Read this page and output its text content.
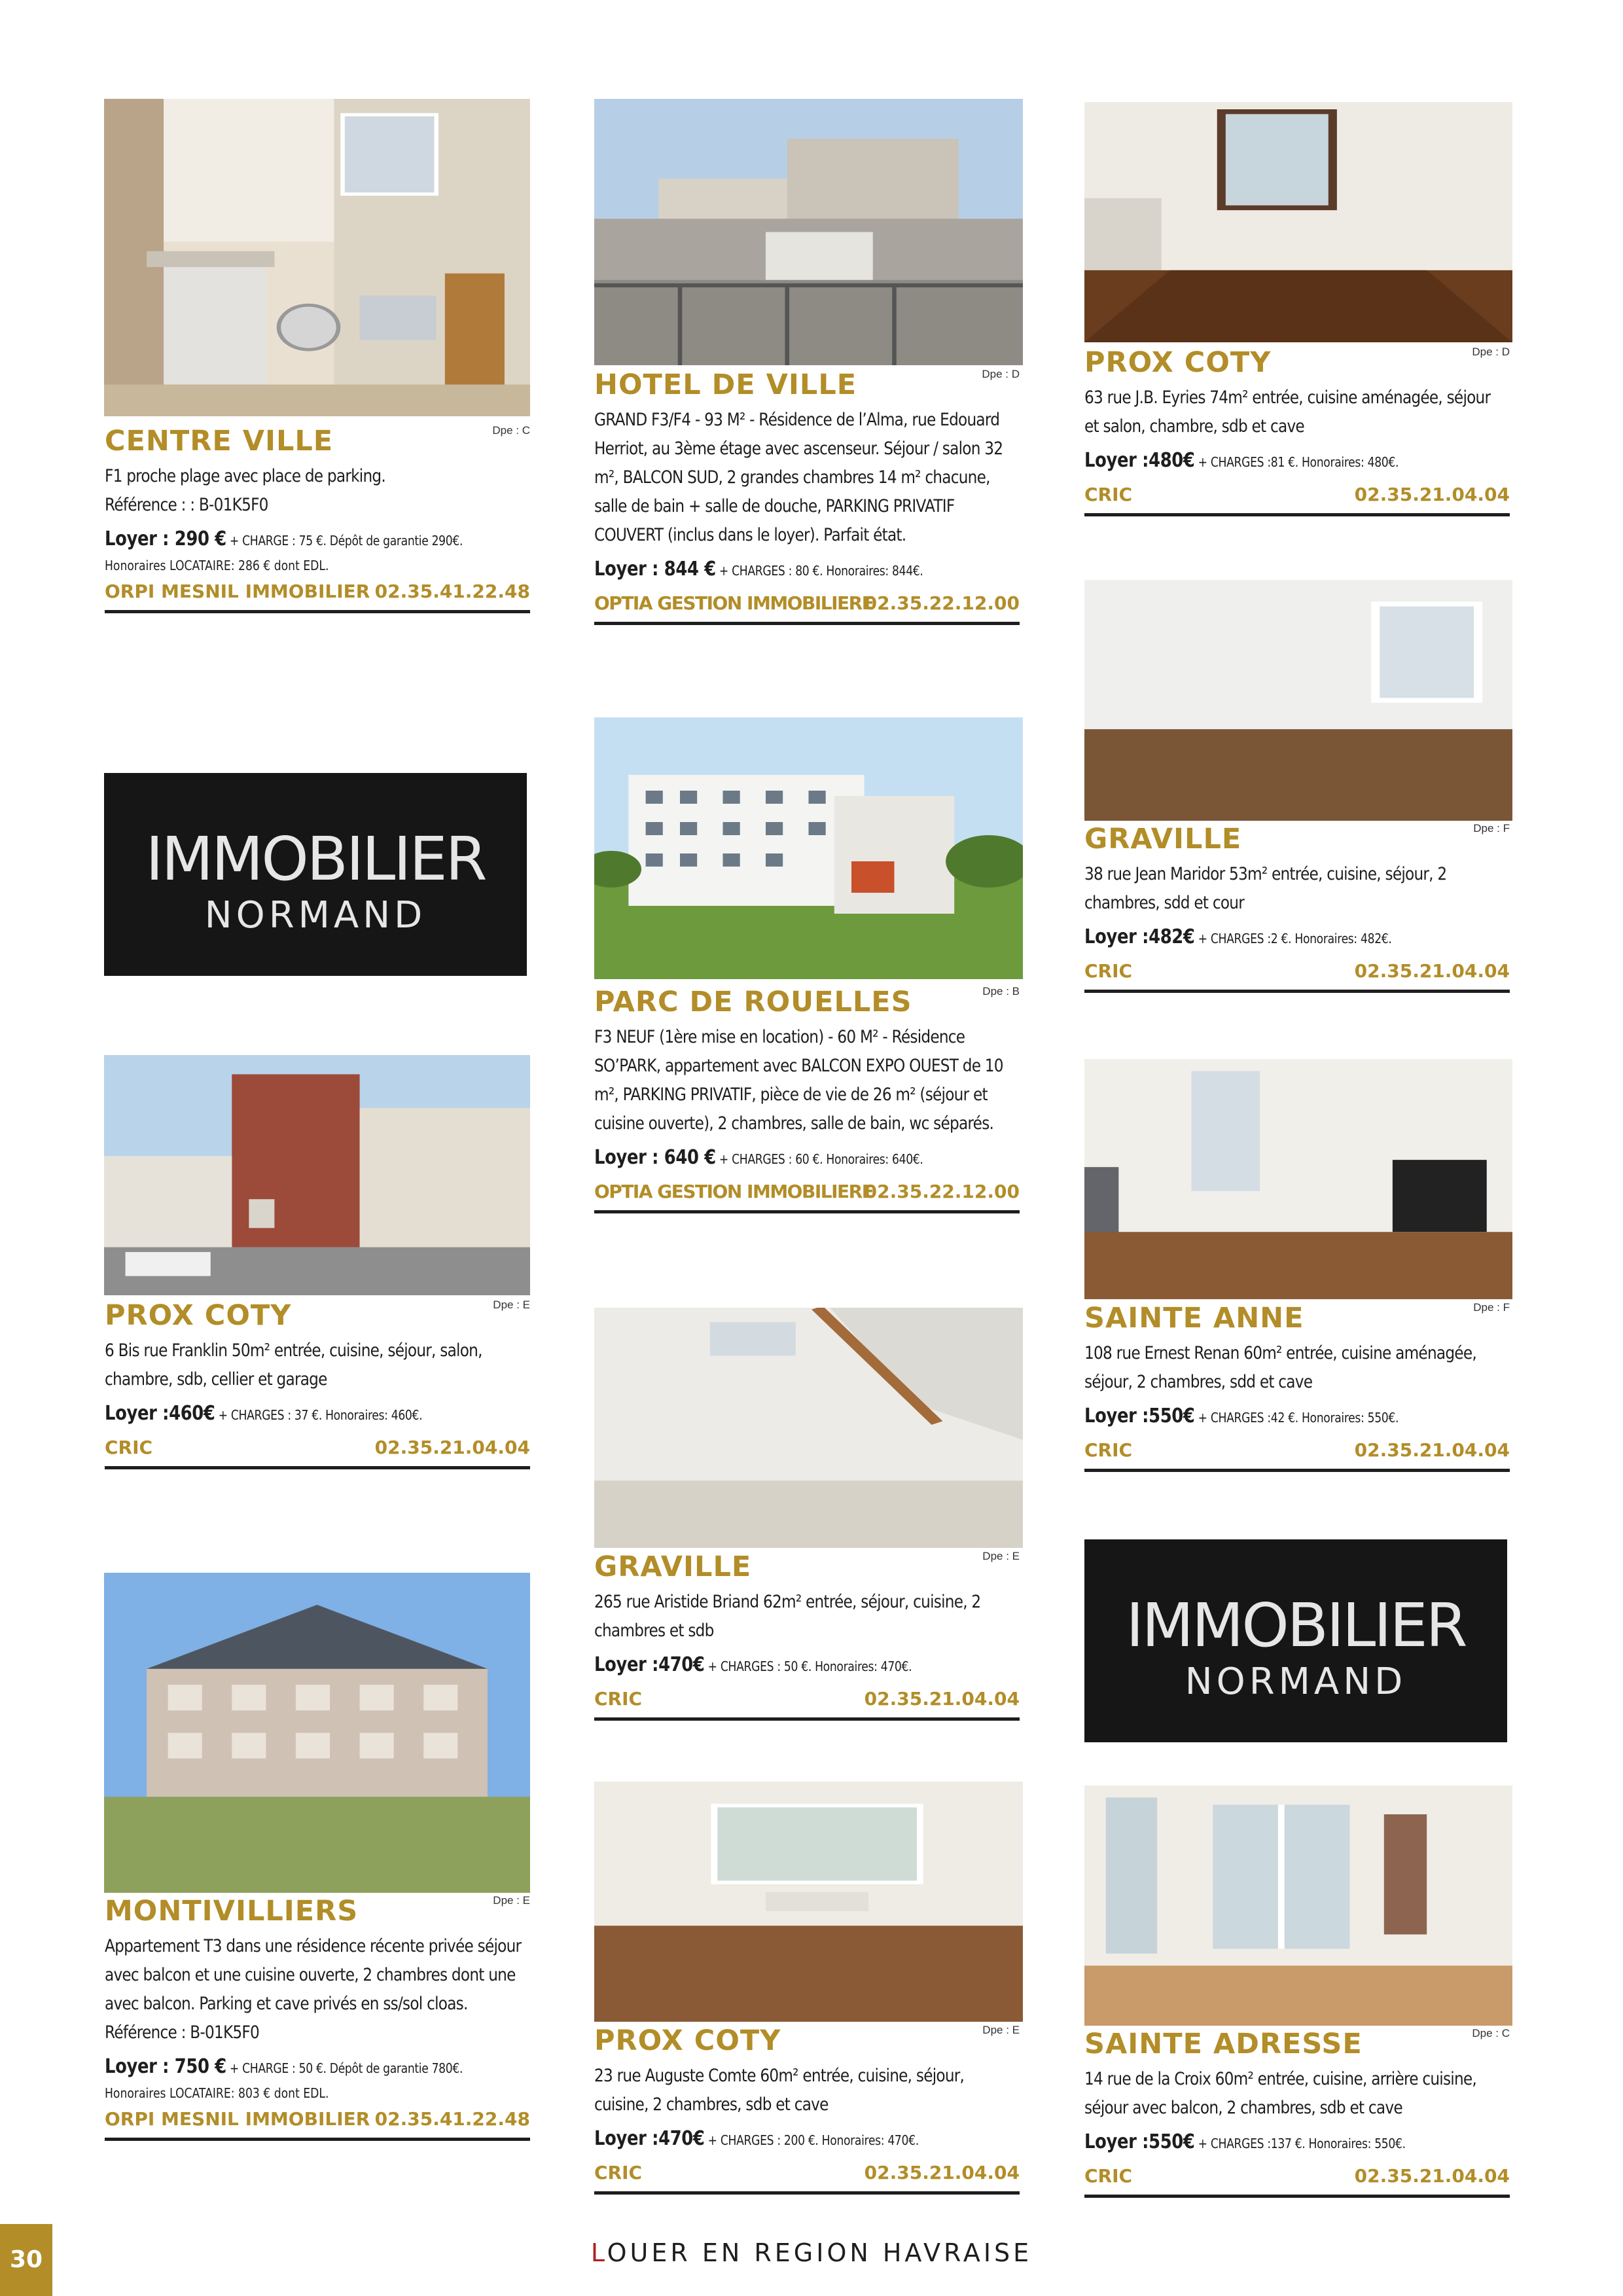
IMMOBILIER
NORMAND
IMMOBILIER
NORMAND
CENTRE VILLE	Dpe : C

F1 proche plage avec place de parking.

Référence : : B-01K5F0

Loyer : 290 € + CHARGE : 75 €. Dépôt de garantie 290€.
Honoraires LOCATAIRE: 286 € dont EDL.
ORPI MESNIL IMMOBILIER 02.35.41.22.48
HOTEL DE VILLE	Dpe : D

GRAND F3/F4 - 93 M² - Résidence de l’Alma, rue Edouard Herriot, au 3ème étage avec ascenseur. Séjour / salon 32 m², BALCON SUD, 2 grandes chambres 14 m² chacune, salle de bain + salle de douche, PARKING PRIVATIF COUVERT (inclus dans le loyer). Parfait état.

Loyer : 844 € + CHARGES : 80 €. Honoraires: 844€.
OPTIA GESTION IMMOBILIERE
02.35.22.12.00
PROX COTY	Dpe : D

63 rue J.B. Eyries 74m² entrée, cuisine aménagée, séjour et salon, chambre, sdb et cave

Loyer :480€ + CHARGES :81 €. Honoraires: 480€.
CRIC	02.35.21.04.04
PARC DE ROUELLES	Dpe : B

F3 NEUF (1ère mise en location) - 60 M² - Résidence SO’PARK, appartement avec BALCON EXPO OUEST de 10 m², PARKING PRIVATIF, pièce de vie de 26 m² (séjour et cuisine ouverte), 2 chambres, salle de bain, wc séparés.

Loyer : 640 € + CHARGES : 60 €. Honoraires: 640€.
OPTIA GESTION IMMOBILIERE
02.35.22.12.00
GRAVILLE	Dpe : F

38 rue Jean Maridor 53m² entrée, cuisine, séjour, 2 chambres, sdd et cour

Loyer :482€ + CHARGES :2 €. Honoraires: 482€.
CRIC	02.35.21.04.04
PROX COTY	Dpe : E

6 Bis rue Franklin 50m² entrée, cuisine, séjour, salon, chambre, sdb, cellier et garage

Loyer :460€ + CHARGES : 37 €. Honoraires: 460€.
CRIC	02.35.21.04.04
SAINTE ANNE	Dpe : F

108 rue Ernest Renan 60m² entrée, cuisine aménagée, séjour, 2 chambres, sdd et cave

Loyer :550€ + CHARGES :42 €. Honoraires: 550€.
CRIC	02.35.21.04.04
GRAVILLE	Dpe : E

265 rue Aristide Briand 62m² entrée, séjour, cuisine, 2 chambres et sdb

Loyer :470€ + CHARGES : 50 €. Honoraires: 470€.
CRIC	02.35.21.04.04
MONTIVILLIERS	Dpe : E

Appartement T3 dans une résidence récente privée séjour avec balcon et une cuisine ouverte, 2 chambres dont une avec balcon. Parking et cave privés en ss/sol cloas.

Référence : B-01K5F0

Loyer : 750 € + CHARGE : 50 €. Dépôt de garantie 780€.
Honoraires LOCATAIRE: 803 € dont EDL.
ORPI MESNIL IMMOBILIER 02.35.41.22.48
PROX COTY	Dpe : E

23 rue Auguste Comte 60m² entrée, cuisine, séjour, cuisine, 2 chambres, sdb et cave

Loyer :470€ + CHARGES : 200 €. Honoraires: 470€.
CRIC	02.35.21.04.04
SAINTE ADRESSE	Dpe : C

14 rue de la Croix 60m² entrée, cuisine, arrière cuisine, séjour avec balcon, 2 chambres, sdb et cave

Loyer :550€ + CHARGES :137 €. Honoraires: 550€.
CRIC	02.35.21.04.04
30	LOUER EN REGION HAVRAISE
